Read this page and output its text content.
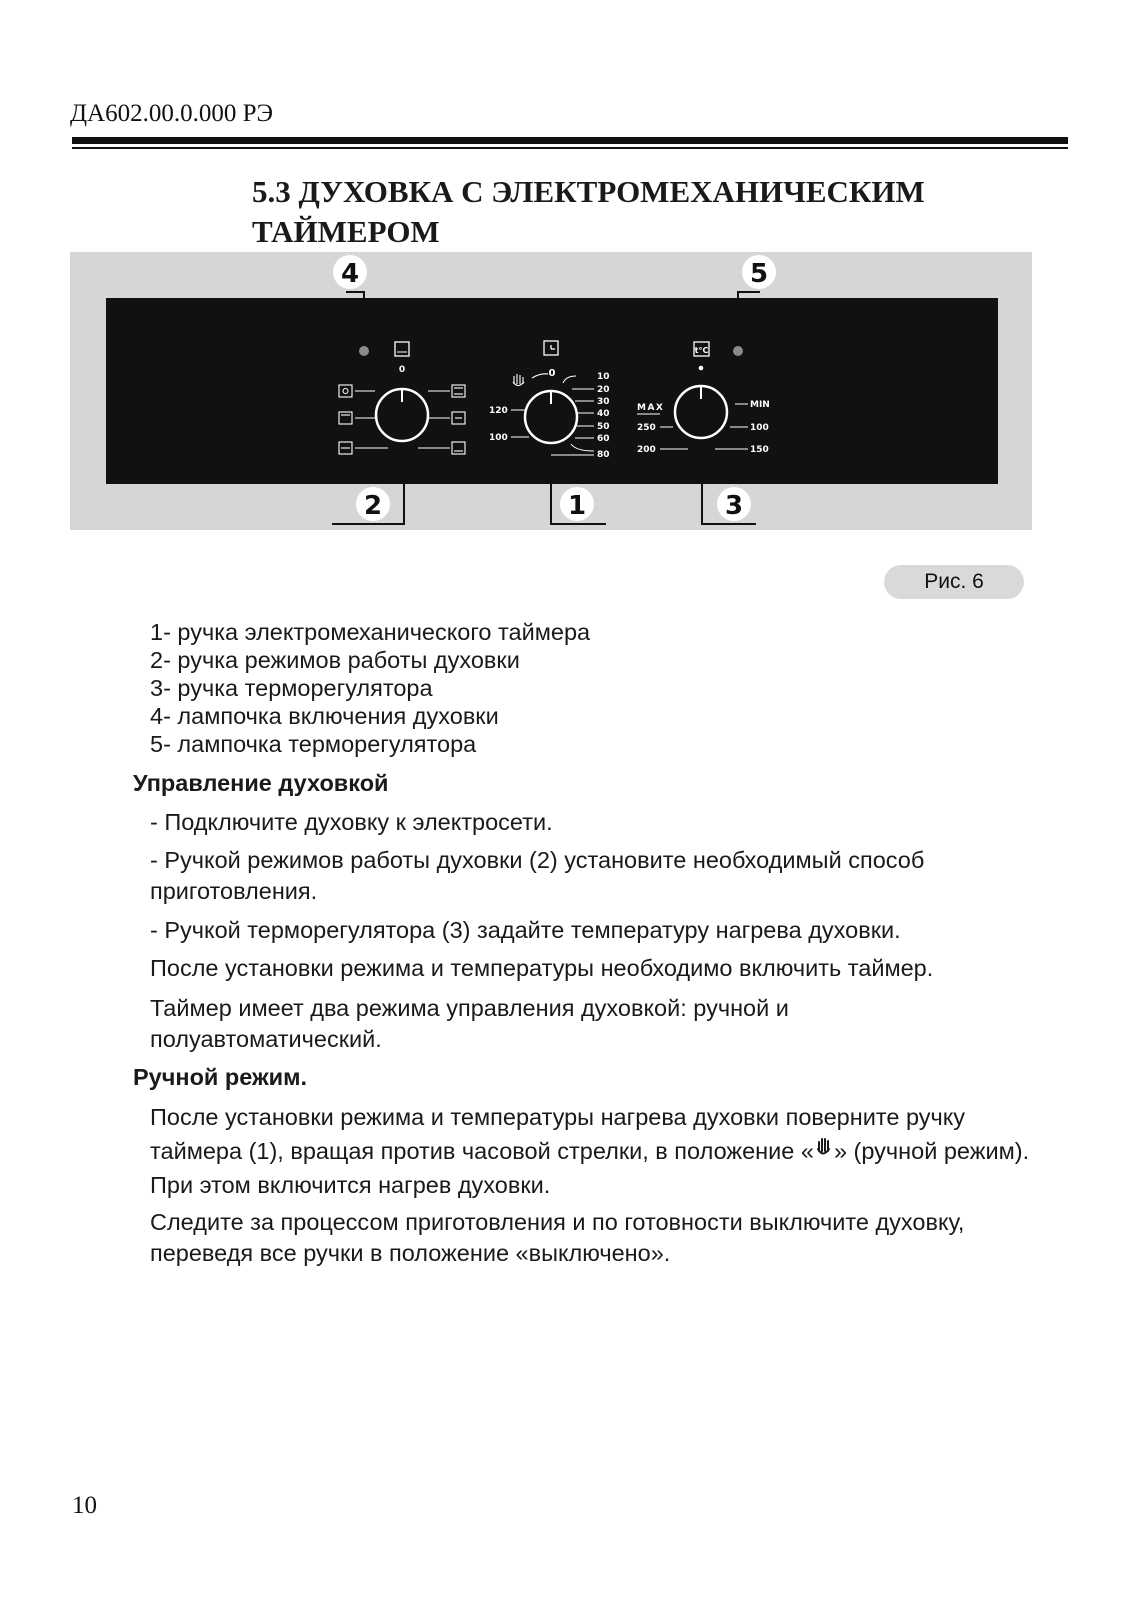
ДА602.00.0.000 РЭ
5.3 ДУХОВКА С ЭЛЕКТРОМЕХАНИЧЕСКИМ ТАЙМЕРОМ
4	5
2	1	3
0	0	10
20
30
40
50
60
80
100
120
t°C
MAX
250
200
MIN
100
150
Рис. 6
1- ручка электромеханического таймера
2- ручка режимов работы духовки
3- ручка терморегулятора
4- лампочка включения духовки
5- лампочка терморегулятора
Управление духовкой

- Подключите духовку к электросети.

- Ручкой режимов работы духовки (2) установите необходимый способ приготовления.

- Ручкой терморегулятора (3) задайте температуру нагрева духовки.

После установки режима и температуры необходимо включить таймер.

Таймер имеет два режима управления духовкой: ручной и полуавтоматический.

Ручной режим.

После установки режима и температуры нагрева духовки поверните ручку таймера (1), вращая против часовой стрелки, в положение « » (ручной режим). При этом включится нагрев духовки.

Следите за процессом приготовления и по готовности выключите духовку, переведя все ручки в положение «выключено».

10
